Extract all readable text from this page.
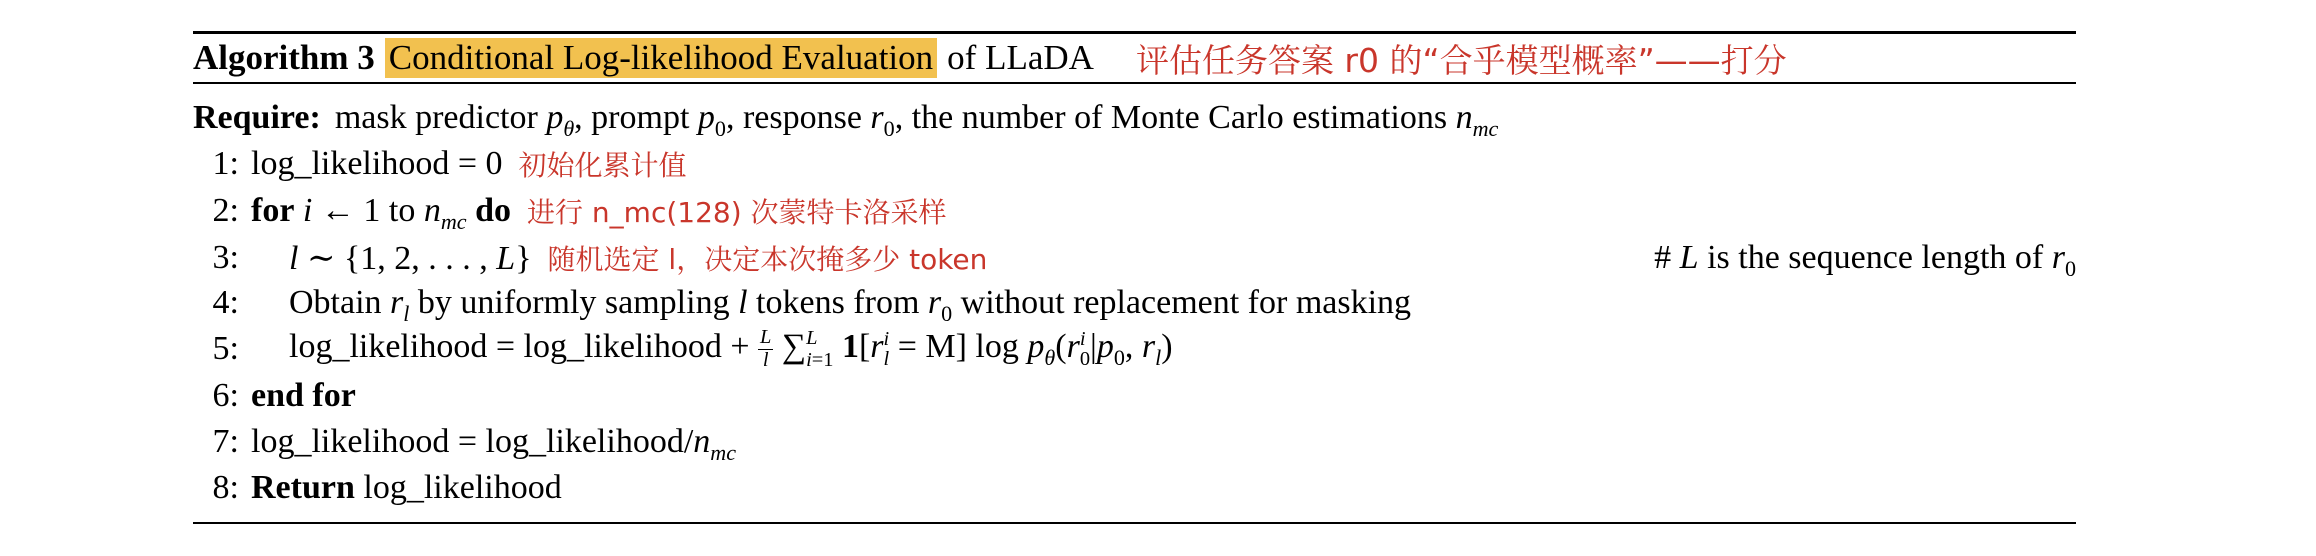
Algorithm 3 Conditional Log-likelihood Evaluation of LLaDA 评估任务答案 r0 的“合乎模型概率”——打分
Require: mask predictor $p_\theta$, prompt $p_0$, response $r_0$, the number of Monte Carlo estimations $n_{mc}$
1: log_likelihood = 0 初始化累计值
2: for i ← 1 to $n_{mc}$ do 进行 n_mc(128) 次蒙特卡洛采样
3: l ∼ {1, 2, . . . , L} 随机选定 l，决定本次掩多少 token	# L is the sequence length of $r_0$
4: Obtain $r_l$ by uniformly sampling l tokens from $r_0$ without replacement for masking
5: log_likelihood = log_likelihood + $\frac{L}{l}$ ∑ L
i=1 1[r i
l = M] $\log p_\theta(r$ i
0 $|p_0$, $r_l$)
6: end for
7: log_likelihood = $\log\_likelihood/n_{mc}$
8: Return log_likelihood
